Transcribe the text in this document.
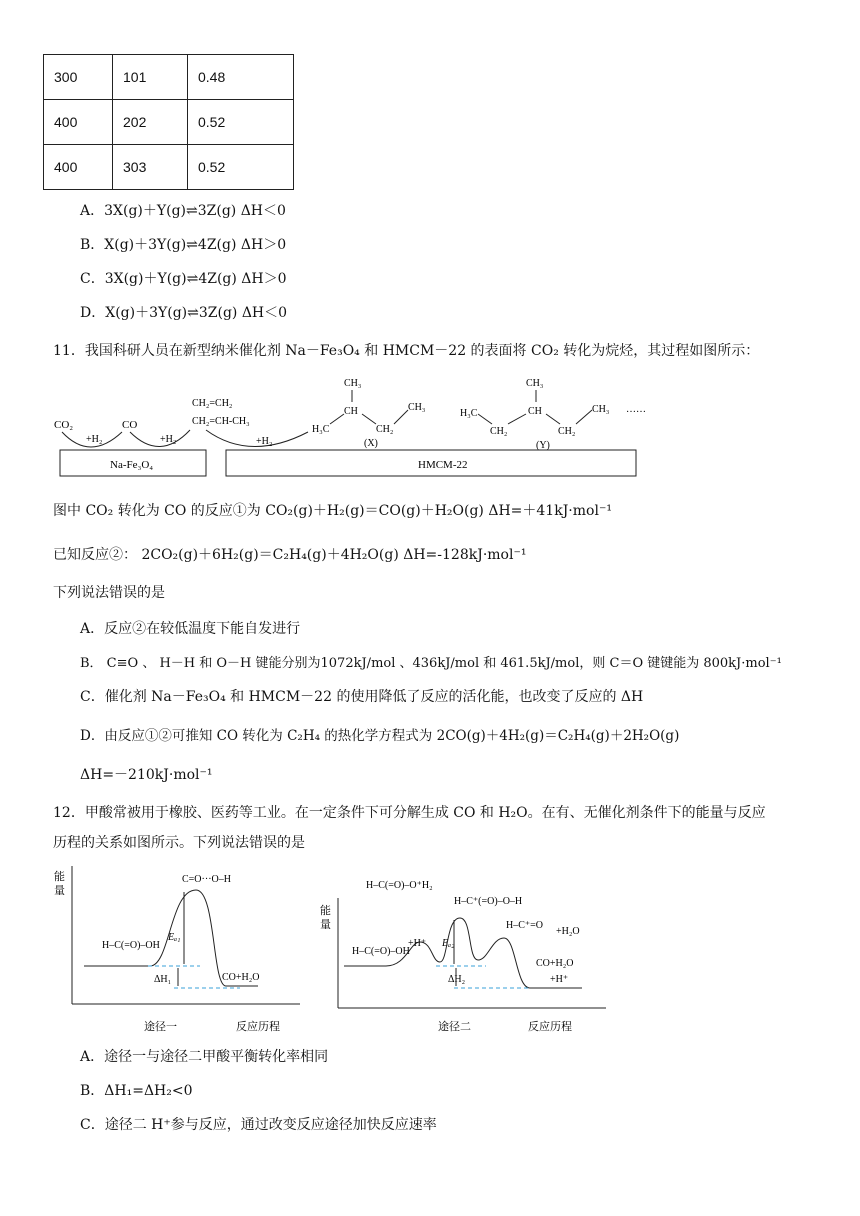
300	101	0.48
400	202	0.52
400	303	0.52
A．3X(g)＋Y(g)⇌3Z(g) ΔH＜0
B．X(g)＋3Y(g)⇌4Z(g) ΔH＞0
C．3X(g)＋Y(g)⇌4Z(g) ΔH＞0
D．X(g)＋3Y(g)⇌3Z(g) ΔH＜0
11．我国科研人员在新型纳米催化剂 Na－Fe₃O₄ 和 HMCM－22 的表面将 CO₂ 转化为烷烃，其过程如图所示：
Na-Fe₃O₄	HMCM-22
CO₂
+H₂
CO
+H₂
CH₂=CH₂
CH₂=CH-CH₃
+H₂
CH₃
CH
H₃C	CH₂
CH₃
(X)
H₃C
CH₂
CH₃
CH
CH₂
CH₃
(Y)
……
图中 CO₂ 转化为 CO 的反应①为 CO₂(g)＋H₂(g)＝CO(g)＋H₂O(g) ΔH=＋41kJ·mol⁻¹
已知反应②： 2CO₂(g)＋6H₂(g)＝C₂H₄(g)＋4H₂O(g) ΔH=-128kJ·mol⁻¹
下列说法错误的是
A．反应②在较低温度下能自发进行
B． C≡O 、 H－H 和 O－H 键能分别为1072kJ/mol 、436kJ/mol 和 461.5kJ/mol，则 C＝O 键键能为 800kJ·mol⁻¹
C．催化剂 Na－Fe₃O₄ 和 HMCM－22 的使用降低了反应的活化能，也改变了反应的 ΔH
D．由反应①②可推知 CO 转化为 C₂H₄ 的热化学方程式为 2CO(g)＋4H₂(g)＝C₂H₄(g)＋2H₂O(g)
ΔH=－210kJ·mol⁻¹
12．甲酸常被用于橡胶、医药等工业。在一定条件下可分解生成 CO 和 H₂O。在有、无催化剂条件下的能量与反应
历程的关系如图所示。下列说法错误的是
能
量
Eₐ₁
ΔH₁	CO+H₂O
H–C(=O)–OH
C=O···O–H
途径一	反应历程
能
量
Eₐ₂
ΔH₂
CO+H₂O
+H⁺
H–C(=O)–OH
+H⁺
H–C(=O)–O⁺H₂
H–C⁺(=O)–O–H
H–C⁺=O
+H₂O
途径二	反应历程
A．途径一与途径二甲酸平衡转化率相同
B．ΔH₁=ΔH₂<0
C．途径二 H⁺参与反应，通过改变反应途径加快反应速率
